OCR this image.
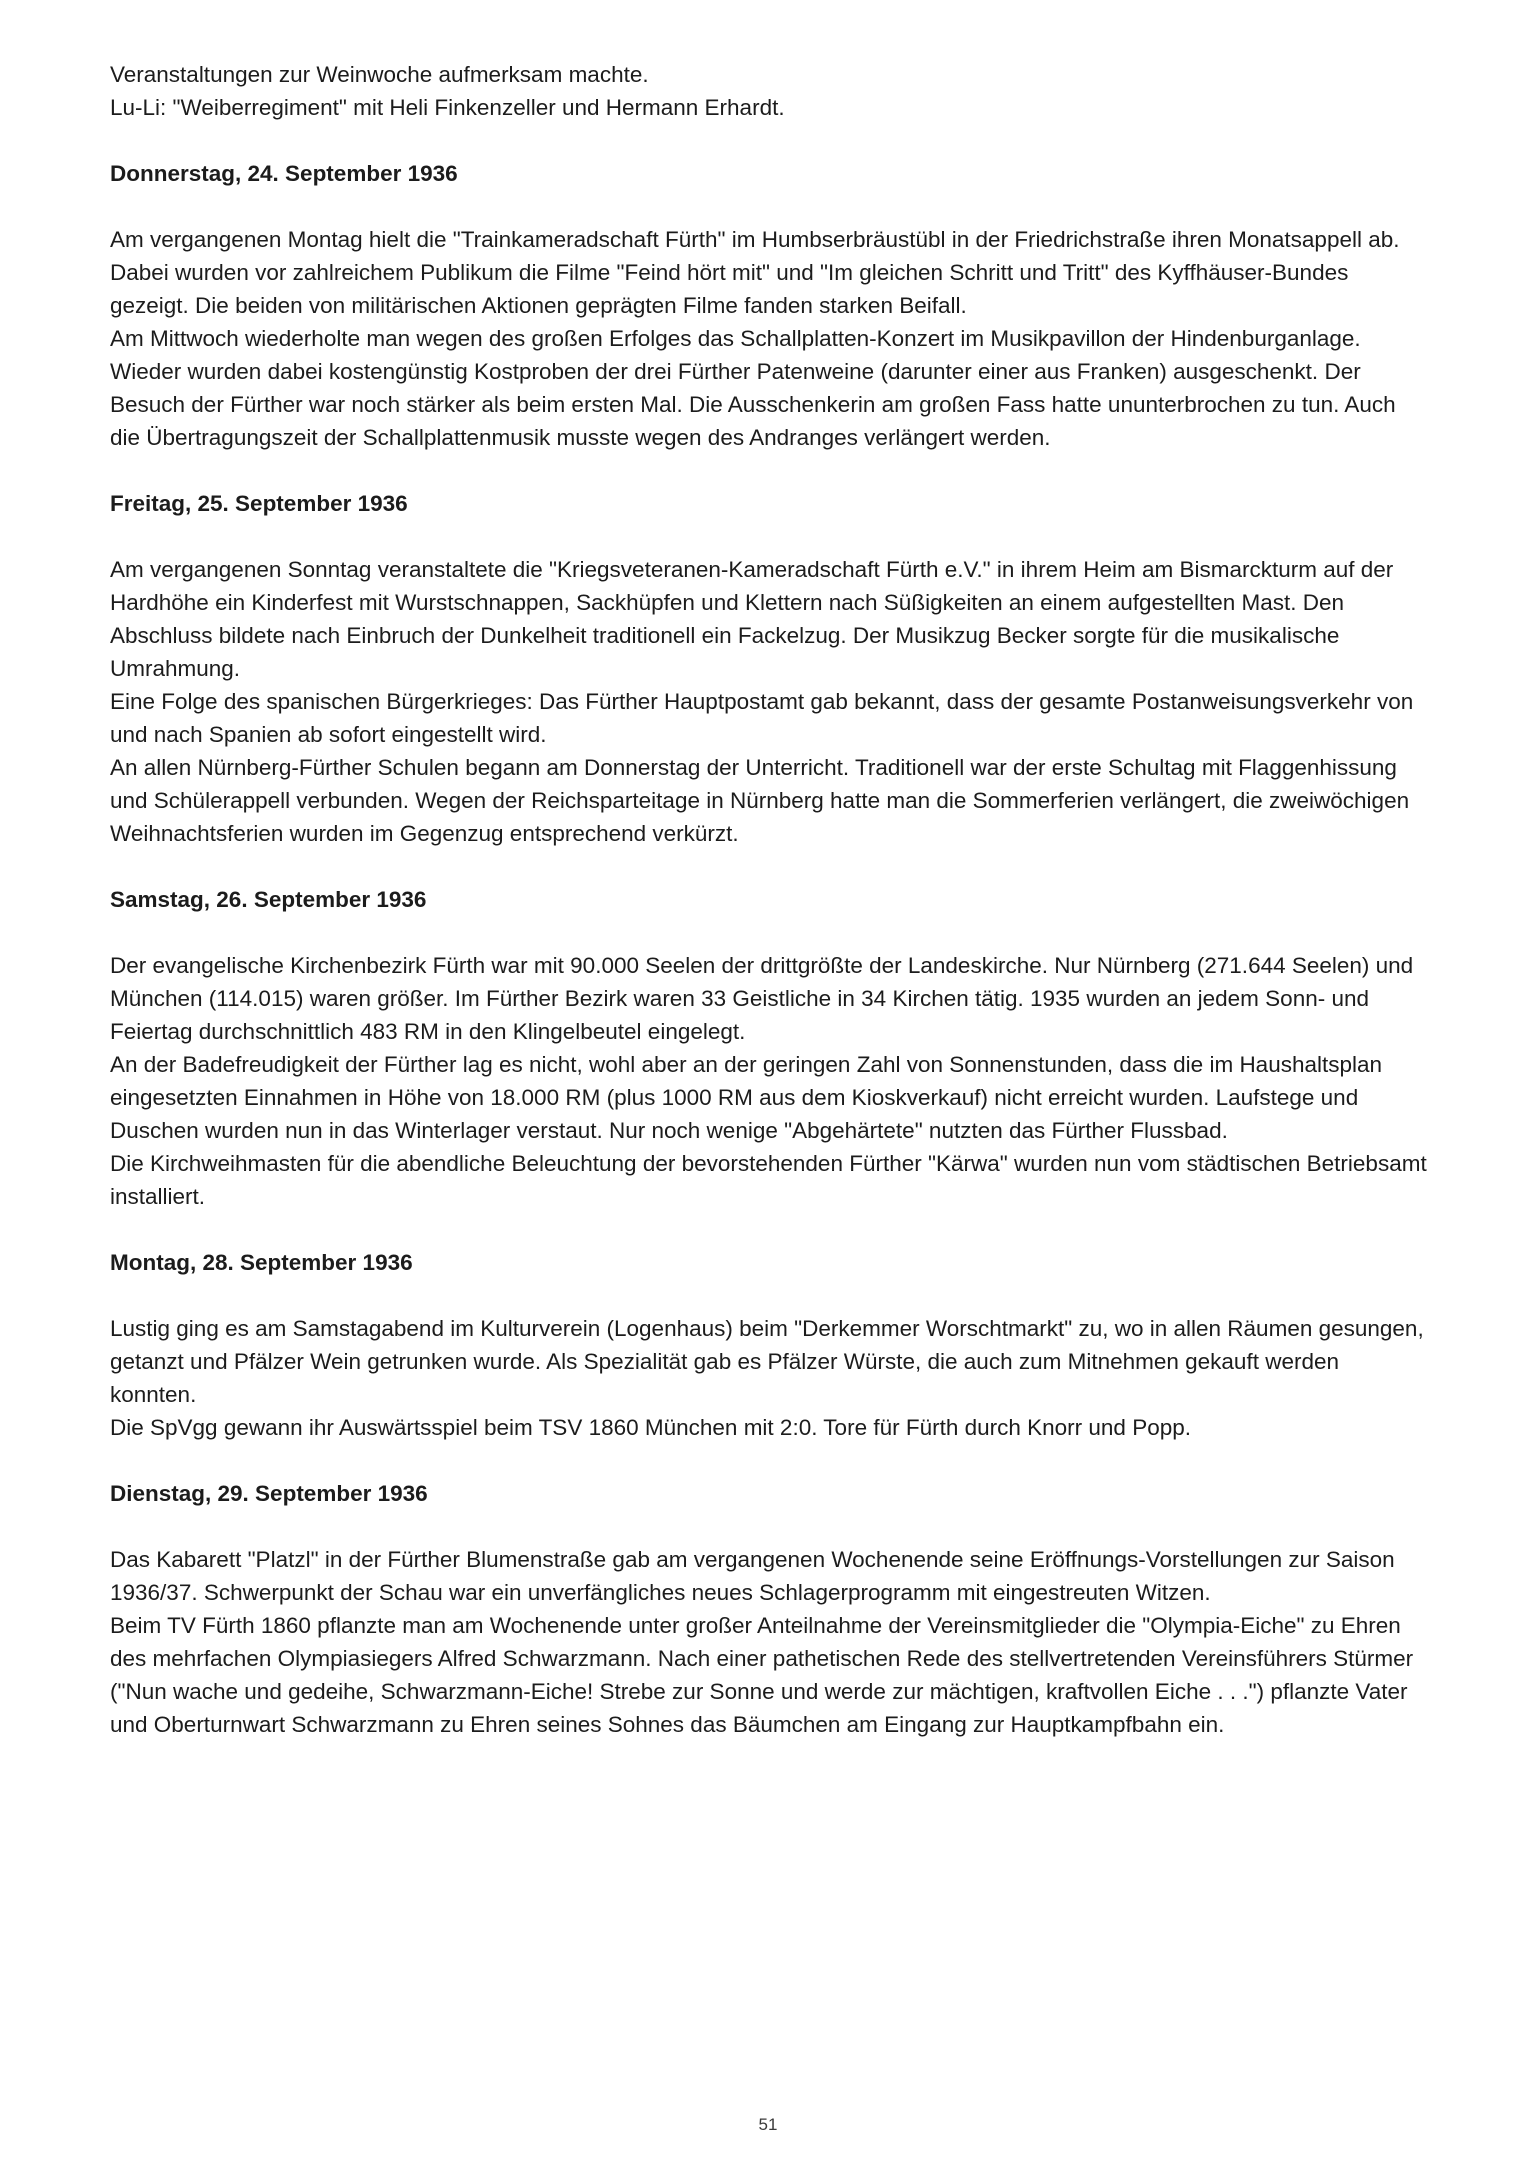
Veranstaltungen zur Weinwoche aufmerksam machte.

Lu-Li: "Weiberregiment" mit Heli Finkenzeller und Hermann Erhardt.

Donnerstag, 24. September 1936

Am vergangenen Montag hielt die "Trainkameradschaft Fürth" im Humbserbräustübl in der Friedrichstraße ihren Monatsappell ab. Dabei wurden vor zahlreichem Publikum die Filme "Feind hört mit" und "Im gleichen Schritt und Tritt" des Kyffhäuser-Bundes gezeigt. Die beiden von militärischen Aktionen geprägten Filme fanden starken Beifall.

Am Mittwoch wiederholte man wegen des großen Erfolges das Schallplatten-Konzert im Musikpavillon der Hindenburganlage. Wieder wurden dabei kostengünstig Kostproben der drei Fürther Patenweine (darunter einer aus Franken) ausgeschenkt. Der Besuch der Fürther war noch stärker als beim ersten Mal. Die Ausschenkerin am großen Fass hatte ununterbrochen zu tun. Auch die Übertragungszeit der Schallplattenmusik musste wegen des Andranges verlängert werden.

Freitag, 25. September 1936

Am vergangenen Sonntag veranstaltete die "Kriegsveteranen-Kameradschaft Fürth e.V." in ihrem Heim am Bismarckturm auf der Hardhöhe ein Kinderfest mit Wurstschnappen, Sackhüpfen und Klettern nach Süßigkeiten an einem aufgestellten Mast. Den Abschluss bildete nach Einbruch der Dunkelheit traditionell ein Fackelzug. Der Musikzug Becker sorgte für die musikalische Umrahmung.

Eine Folge des spanischen Bürgerkrieges: Das Fürther Hauptpostamt gab bekannt, dass der gesamte Postanweisungsverkehr von und nach Spanien ab sofort eingestellt wird.

An allen Nürnberg-Fürther Schulen begann am Donnerstag der Unterricht. Traditionell war der erste Schultag mit Flaggenhissung und Schülerappell verbunden. Wegen der Reichsparteitage in Nürnberg hatte man die Sommerferien verlängert, die zweiwöchigen Weihnachtsferien wurden im Gegenzug entsprechend verkürzt.

Samstag, 26. September 1936

Der evangelische Kirchenbezirk Fürth war mit 90.000 Seelen der drittgrößte der Landeskirche. Nur Nürnberg (271.644 Seelen) und München (114.015) waren größer. Im Fürther Bezirk waren 33 Geistliche in 34 Kirchen tätig. 1935 wurden an jedem Sonn- und Feiertag durchschnittlich 483 RM in den Klingelbeutel eingelegt.

An der Badefreudigkeit der Fürther lag es nicht, wohl aber an der geringen Zahl von Sonnenstunden, dass die im Haushaltsplan eingesetzten Einnahmen in Höhe von 18.000 RM (plus 1000 RM aus dem Kioskverkauf) nicht erreicht wurden. Laufstege und Duschen wurden nun in das Winterlager verstaut. Nur noch wenige "Abgehärtete" nutzten das Fürther Flussbad.

Die Kirchweihmasten für die abendliche Beleuchtung der bevorstehenden Fürther "Kärwa" wurden nun vom städtischen Betriebsamt installiert.

Montag, 28. September 1936

Lustig ging es am Samstagabend im Kulturverein (Logenhaus) beim "Derkemmer Worschtmarkt" zu, wo in allen Räumen gesungen, getanzt und Pfälzer Wein getrunken wurde. Als Spezialität gab es Pfälzer Würste, die auch zum Mitnehmen gekauft werden konnten.

Die SpVgg gewann ihr Auswärtsspiel beim TSV 1860 München mit 2:0. Tore für Fürth durch Knorr und Popp.

Dienstag, 29. September 1936

Das Kabarett "Platzl" in der Fürther Blumenstraße gab am vergangenen Wochenende seine Eröffnungs-Vorstellungen zur Saison 1936/37. Schwerpunkt der Schau war ein unverfängliches neues Schlagerprogramm mit eingestreuten Witzen.

Beim TV Fürth 1860 pflanzte man am Wochenende unter großer Anteilnahme der Vereinsmitglieder die "Olympia-Eiche" zu Ehren des mehrfachen Olympiasiegers Alfred Schwarzmann. Nach einer pathetischen Rede des stellvertretenden Vereinsführers Stürmer ("Nun wache und gedeihe, Schwarzmann-Eiche! Strebe zur Sonne und werde zur mächtigen, kraftvollen Eiche . . .") pflanzte Vater und Oberturnwart Schwarzmann zu Ehren seines Sohnes das Bäumchen am Eingang zur Hauptkampfbahn ein.

51
